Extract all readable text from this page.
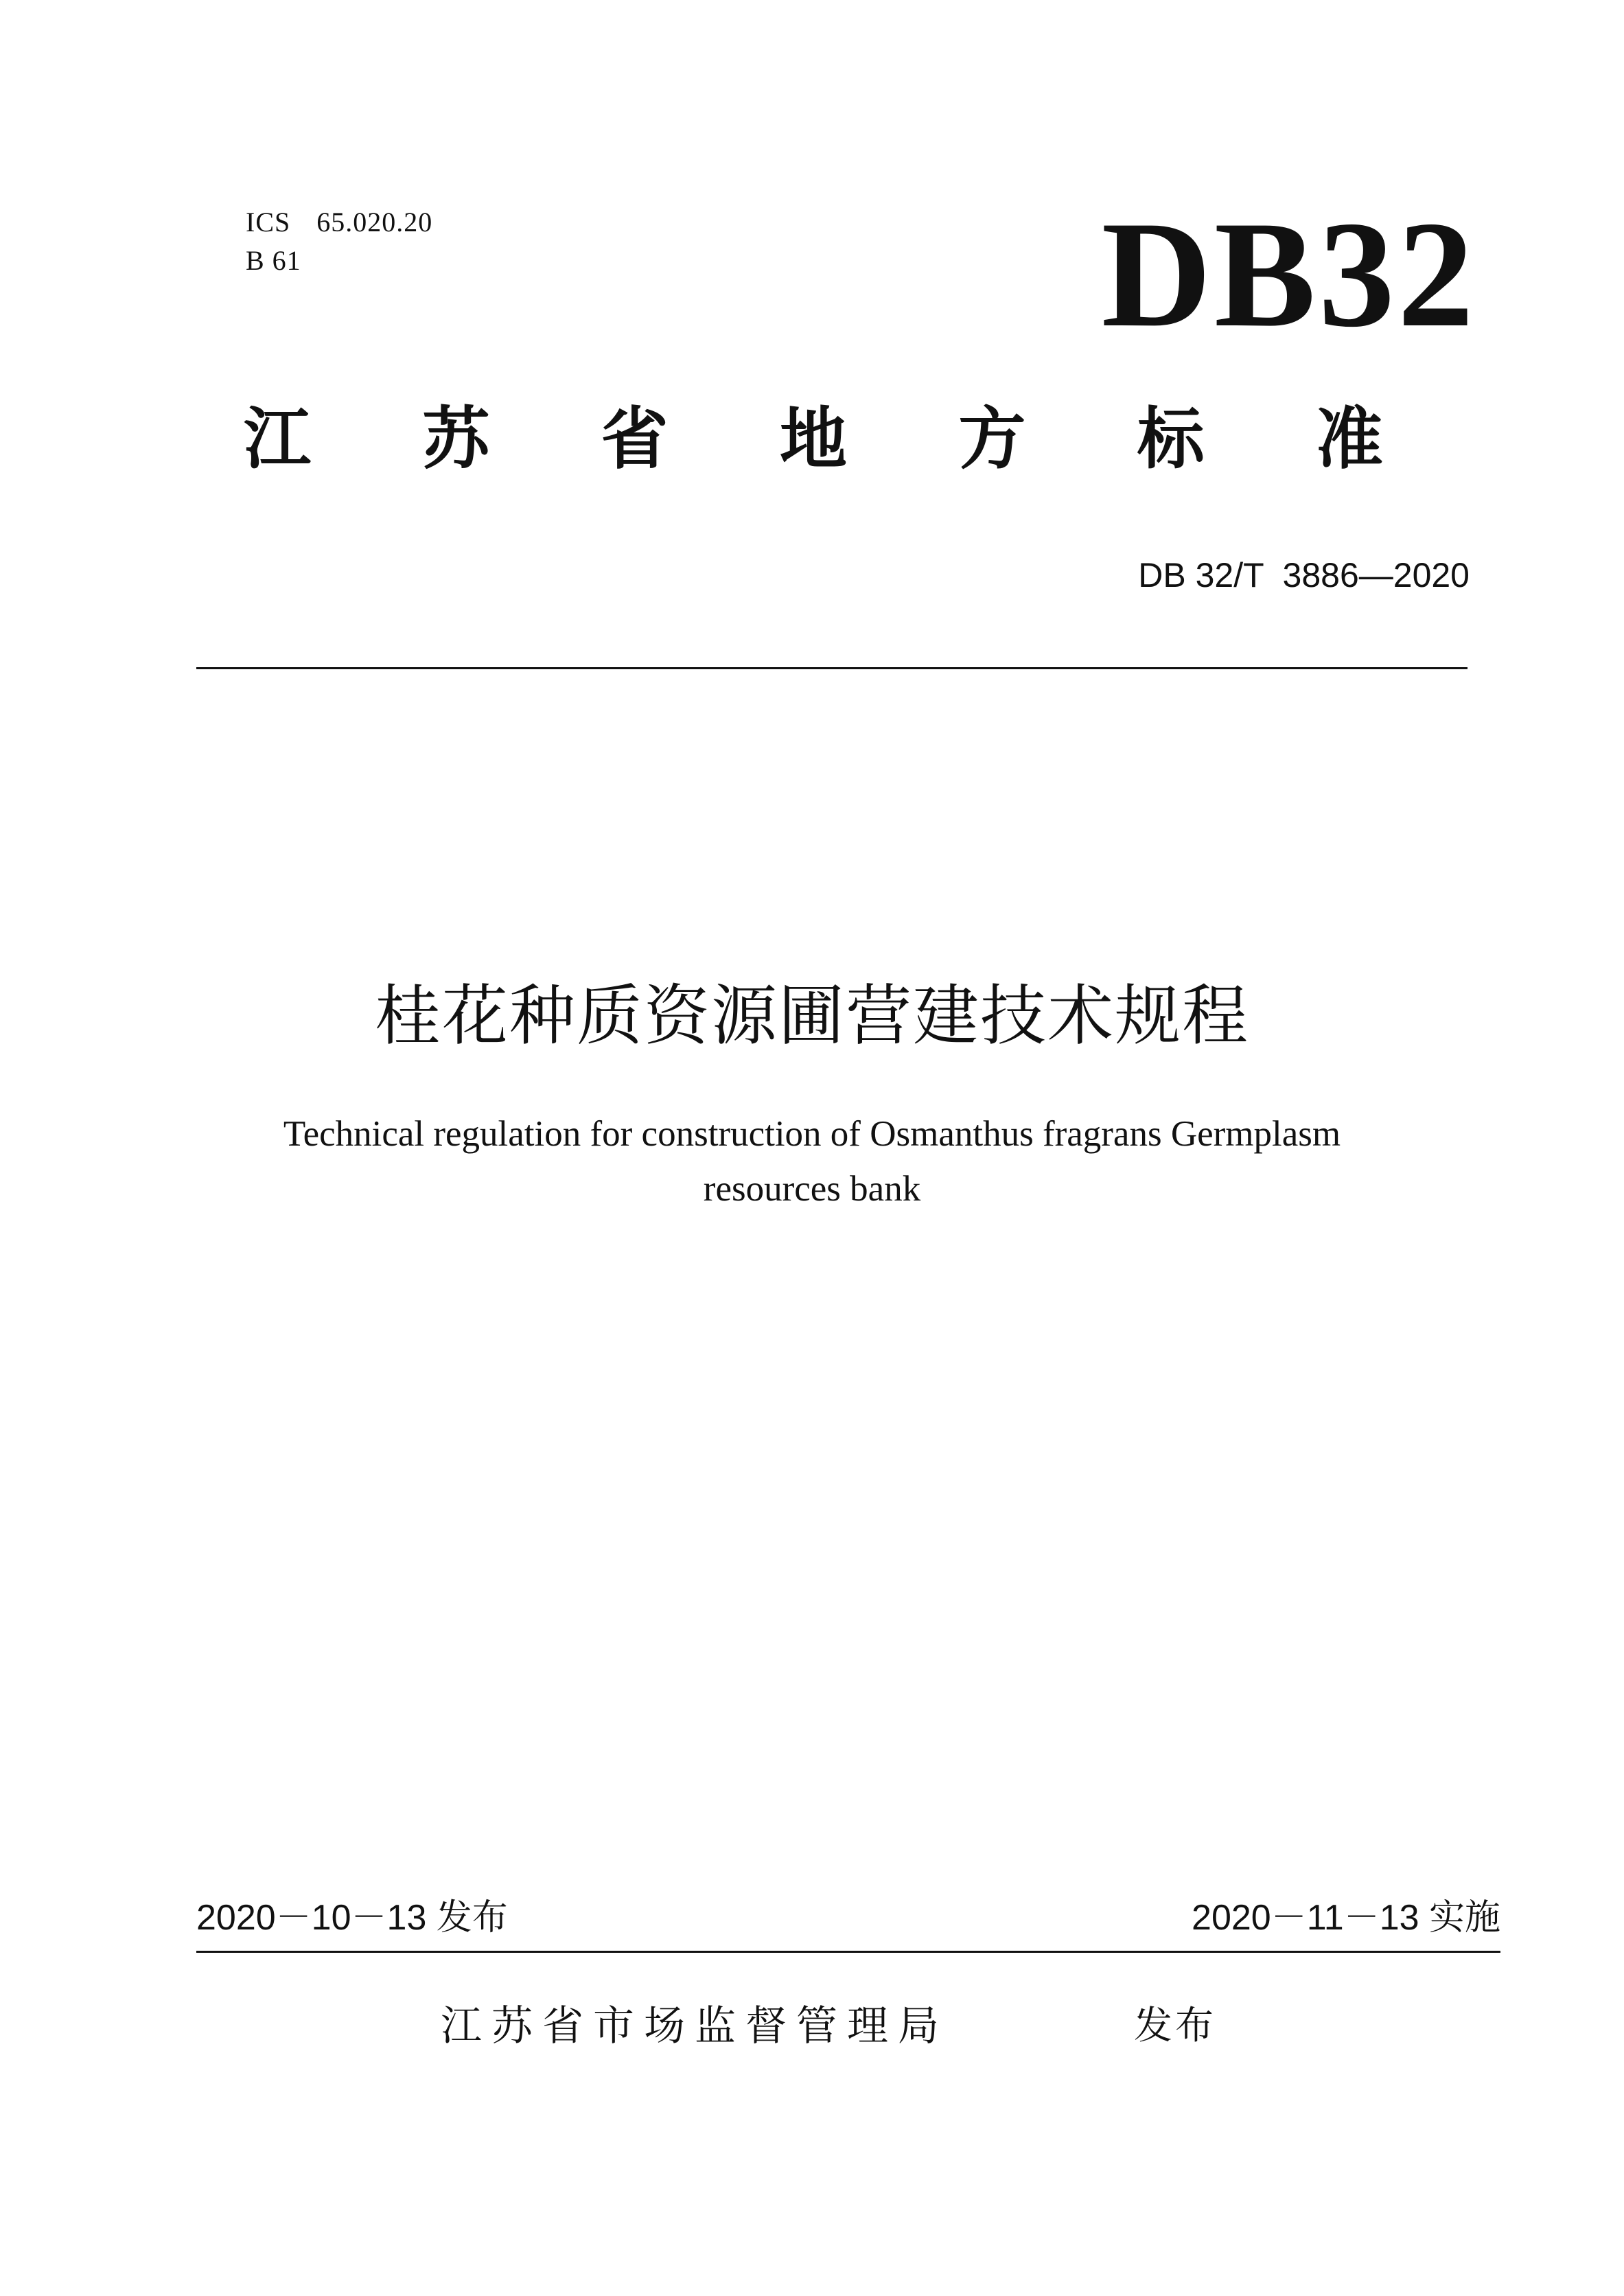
ICS 65.020.20
B 61	DB32
江 苏 省 地 方 标 准
DB 32/T  3886—2020
桂花种质资源圃营建技术规程
Technical regulation for construction of Osmanthus fragrans Germplasm
resources bank
2020－10－13 发布	2020－11－13 实施
江苏省市场监督管理局	发布
